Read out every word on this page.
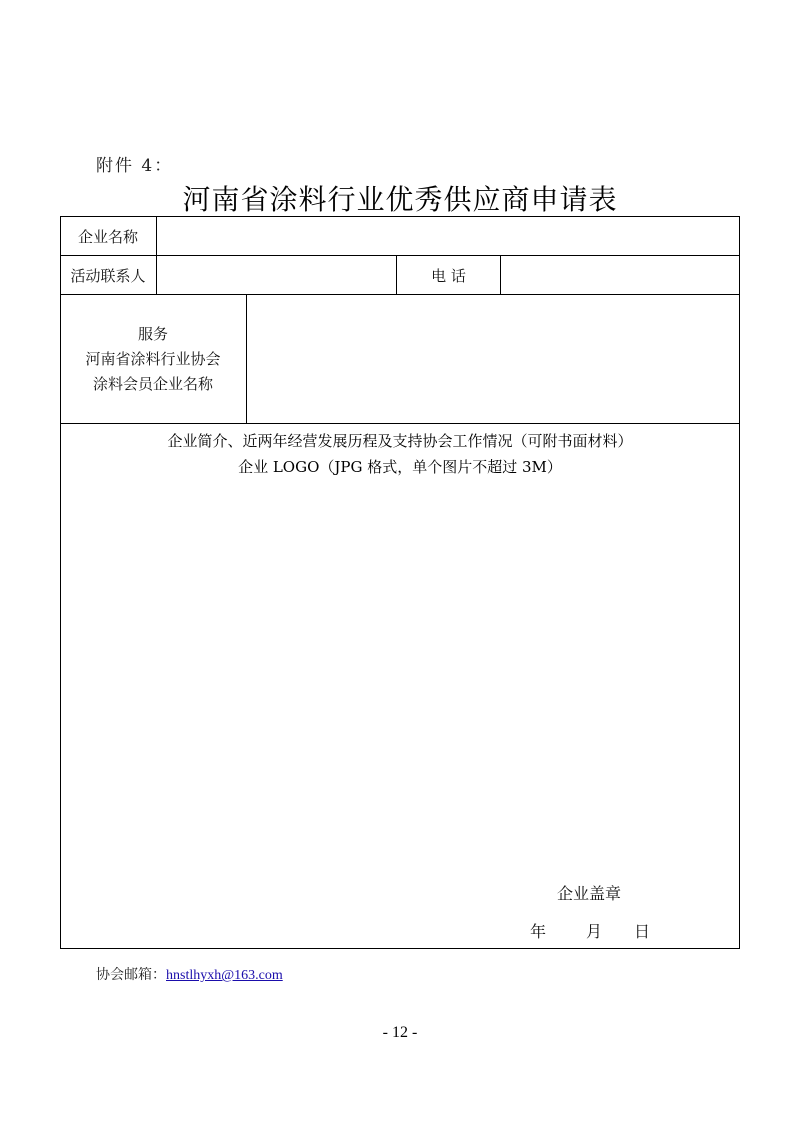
附件 4：
河南省涂料行业优秀供应商申请表
企业名称
活动联系人	电 话
服务
河南省涂料行业协会
涂料会员企业名称
企业简介、近两年经营发展历程及支持协会工作情况（可附书面材料）
企业 LOGO（JPG 格式，单个图片不超过 3M）
企业盖章
年 月 日
协会邮箱：hnstlhyxh@163.com
- 12 -
